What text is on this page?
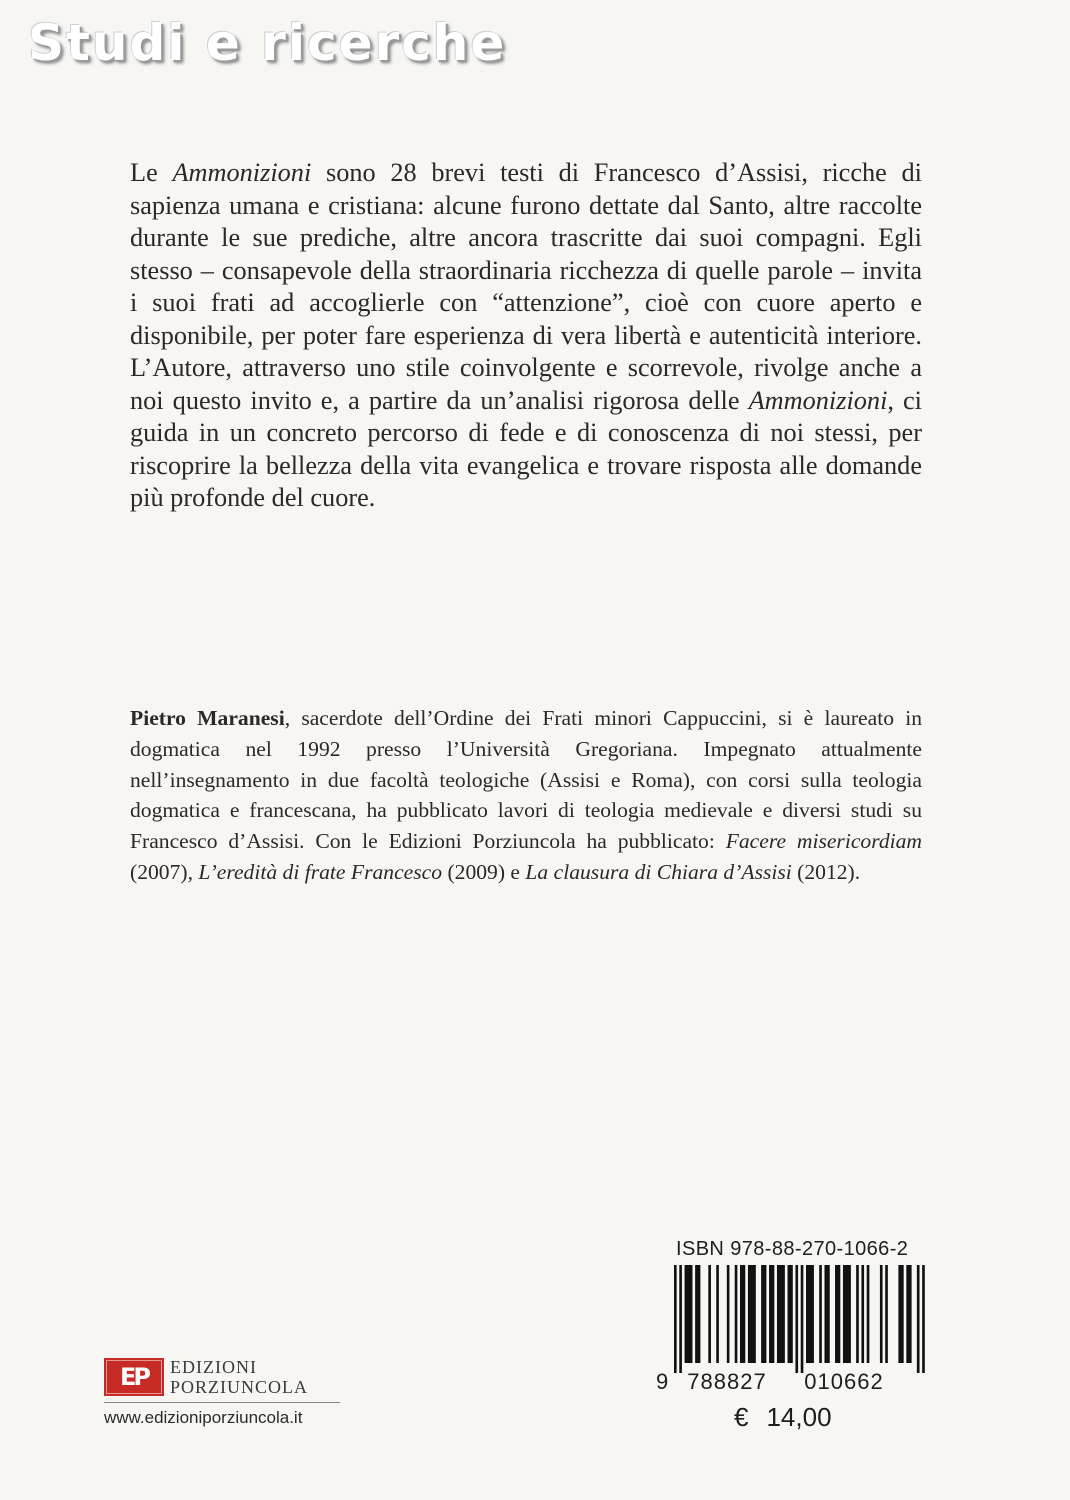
Studi e ricerche

Le Ammonizioni sono 28 brevi testi di Francesco d’Assisi, ricche di sapienza umana e cristiana: alcune furono dettate dal Santo, altre raccolte durante le sue prediche, altre ancora trascritte dai suoi compagni. Egli stesso – consapevole della straordinaria ricchezza di quelle parole – invita i suoi frati ad accoglierle con “attenzione”, cioè con cuore aperto e disponibile, per poter fare esperienza di vera libertà e autenticità interiore. L’Autore, attraverso uno stile coinvolgente e scorrevole, rivolge anche a noi questo invito e, a partire da un’analisi rigorosa delle Ammonizioni, ci guida in un concreto percorso di fede e di conoscenza di noi stessi, per riscoprire la bellezza della vita evangelica e trovare risposta alle domande più profonde del cuore.

Pietro Maranesi, sacerdote dell’Ordine dei Frati minori Cappuccini, si è laureato in dogmatica nel 1992 presso l’Università Gregoriana. Impegnato attualmente nell’insegnamento in due facoltà teologiche (Assisi e Roma), con corsi sulla teologia dogmatica e francescana, ha pubblicato lavori di teologia medievale e diversi studi su Francesco d’Assisi. Con le Edizioni Porziuncola ha pubblicato: Facere misericordiam (2007), L’eredità di frate Francesco (2009) e La clausura di Chiara d’Assisi (2012).

ISBN 978-88-270-1066-2
9 788827 010662
€ 14,00
EP	EDIZIONI
PORZIUNCOLA
www.edizioniporziuncola.it
